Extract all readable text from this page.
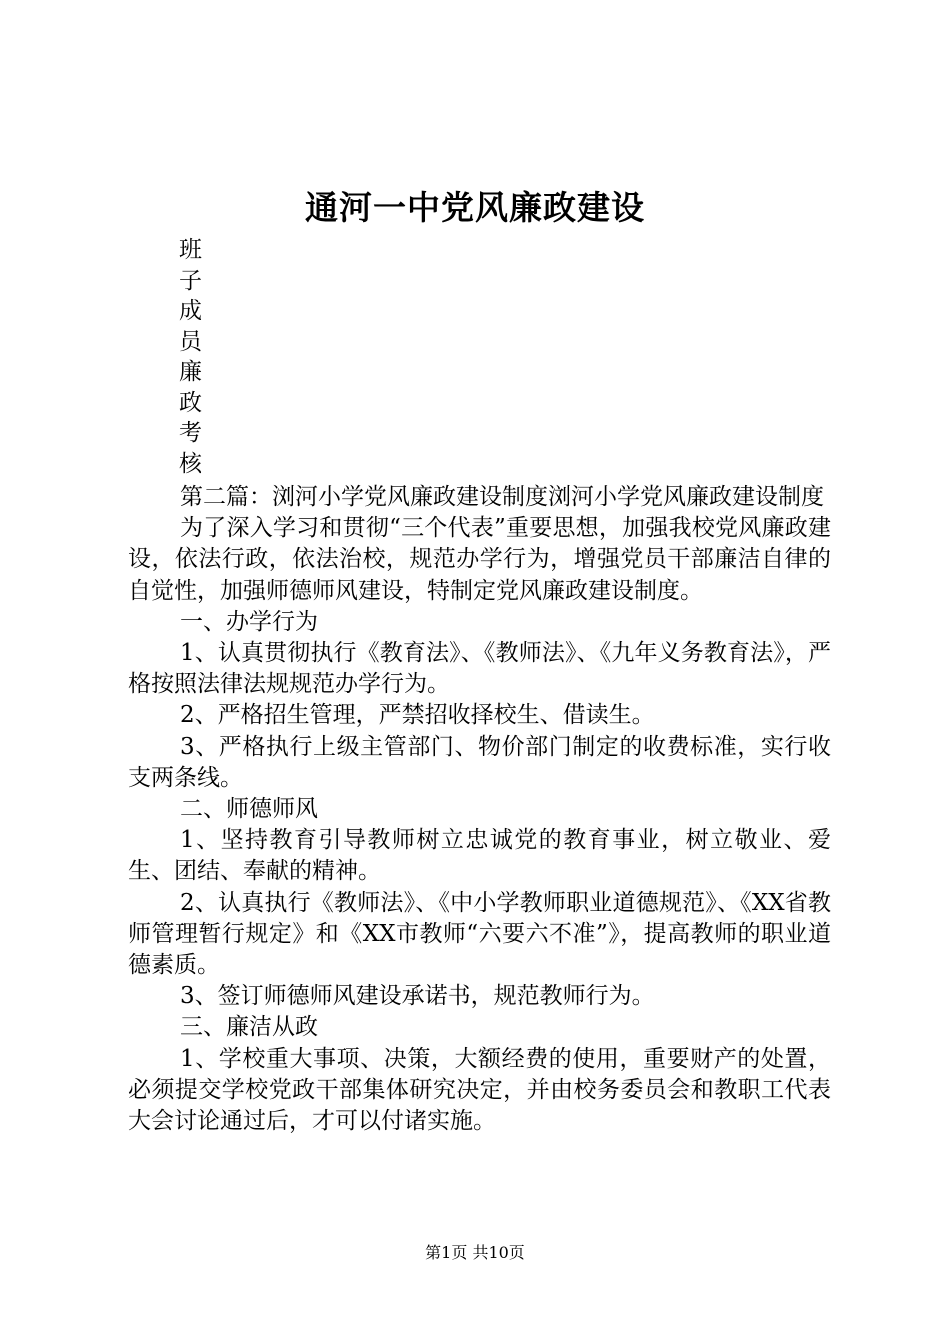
通河一中党风廉政建设
班
子
成
员
廉
政
考
核

第二篇：浏河小学党风廉政建设制度浏河小学党风廉政建设制度

为了深入学习和贯彻“三个代表”重要思想，加强我校党风廉政建设，依法行政，依法治校，规范办学行为，增强党员干部廉洁自律的自觉性，加强师德师风建设，特制定党风廉政建设制度。

一、办学行为

1、认真贯彻执行《教育法》、《教师法》、《九年义务教育法》，严格按照法律法规规范办学行为。

2、严格招生管理，严禁招收择校生、借读生。

3、严格执行上级主管部门、物价部门制定的收费标准，实行收支两条线。

二、师德师风

1、坚持教育引导教师树立忠诚党的教育事业，树立敬业、爱生、团结、奉献的精神。

2、认真执行《教师法》、《中小学教师职业道德规范》、《XX省教师管理暂行规定》和《XX市教师“六要六不准”》，提高教师的职业道德素质。

3、签订师德师风建设承诺书，规范教师行为。

三、廉洁从政

1、学校重大事项、决策，大额经费的使用，重要财产的处置，必须提交学校党政干部集体研究决定，并由校务委员会和教职工代表大会讨论通过后，才可以付诸实施。

第1页 共10页
